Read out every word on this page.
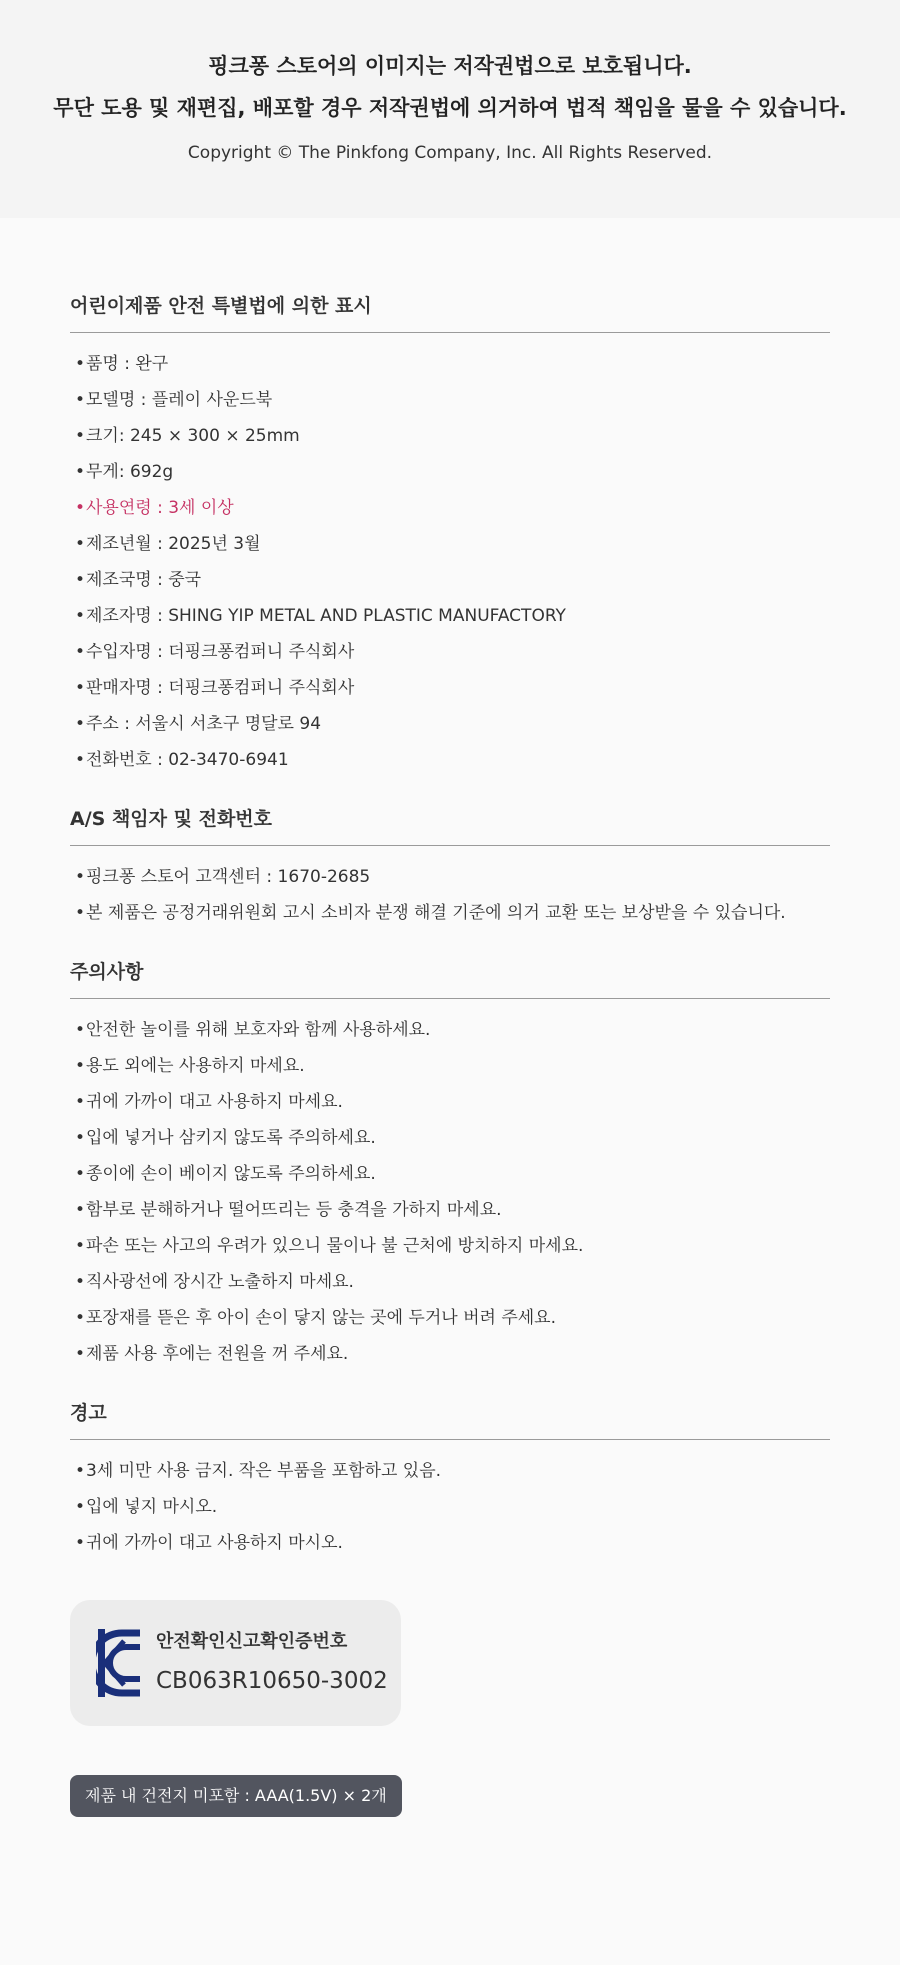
핑크퐁 스토어의 이미지는 저작권법으로 보호됩니다.
무단 도용 및 재편집, 배포할 경우 저작권법에 의거하여 법적 책임을 물을 수 있습니다.
Copyright © The Pinkfong Company, Inc. All Rights Reserved.
어린이제품 안전 특별법에 의한 표시
•품명 : 완구
•모델명 : 플레이 사운드북
•크기: 245 × 300 × 25mm
•무게: 692g
•사용연령 : 3세 이상
•제조년월 : 2025년 3월
•제조국명 : 중국
•제조자명 : SHING YIP METAL AND PLASTIC MANUFACTORY
•수입자명 : 더핑크퐁컴퍼니 주식회사
•판매자명 : 더핑크퐁컴퍼니 주식회사
•주소 : 서울시 서초구 명달로 94
•전화번호 : 02-3470-6941
A/S 책임자 및 전화번호
•핑크퐁 스토어 고객센터 : 1670-2685
•본 제품은 공정거래위원회 고시 소비자 분쟁 해결 기준에 의거 교환 또는 보상받을 수 있습니다.
주의사항
•안전한 놀이를 위해 보호자와 함께 사용하세요.
•용도 외에는 사용하지 마세요.
•귀에 가까이 대고 사용하지 마세요.
•입에 넣거나 삼키지 않도록 주의하세요.
•종이에 손이 베이지 않도록 주의하세요.
•함부로 분해하거나 떨어뜨리는 등 충격을 가하지 마세요.
•파손 또는 사고의 우려가 있으니 물이나 불 근처에 방치하지 마세요.
•직사광선에 장시간 노출하지 마세요.
•포장재를 뜯은 후 아이 손이 닿지 않는 곳에 두거나 버려 주세요.
•제품 사용 후에는 전원을 꺼 주세요.
경고
•3세 미만 사용 금지. 작은 부품을 포함하고 있음.
•입에 넣지 마시오.
•귀에 가까이 대고 사용하지 마시오.
안전확인신고확인증번호
CB063R10650-3002
제품 내 건전지 미포함 : AAA(1.5V) × 2개
